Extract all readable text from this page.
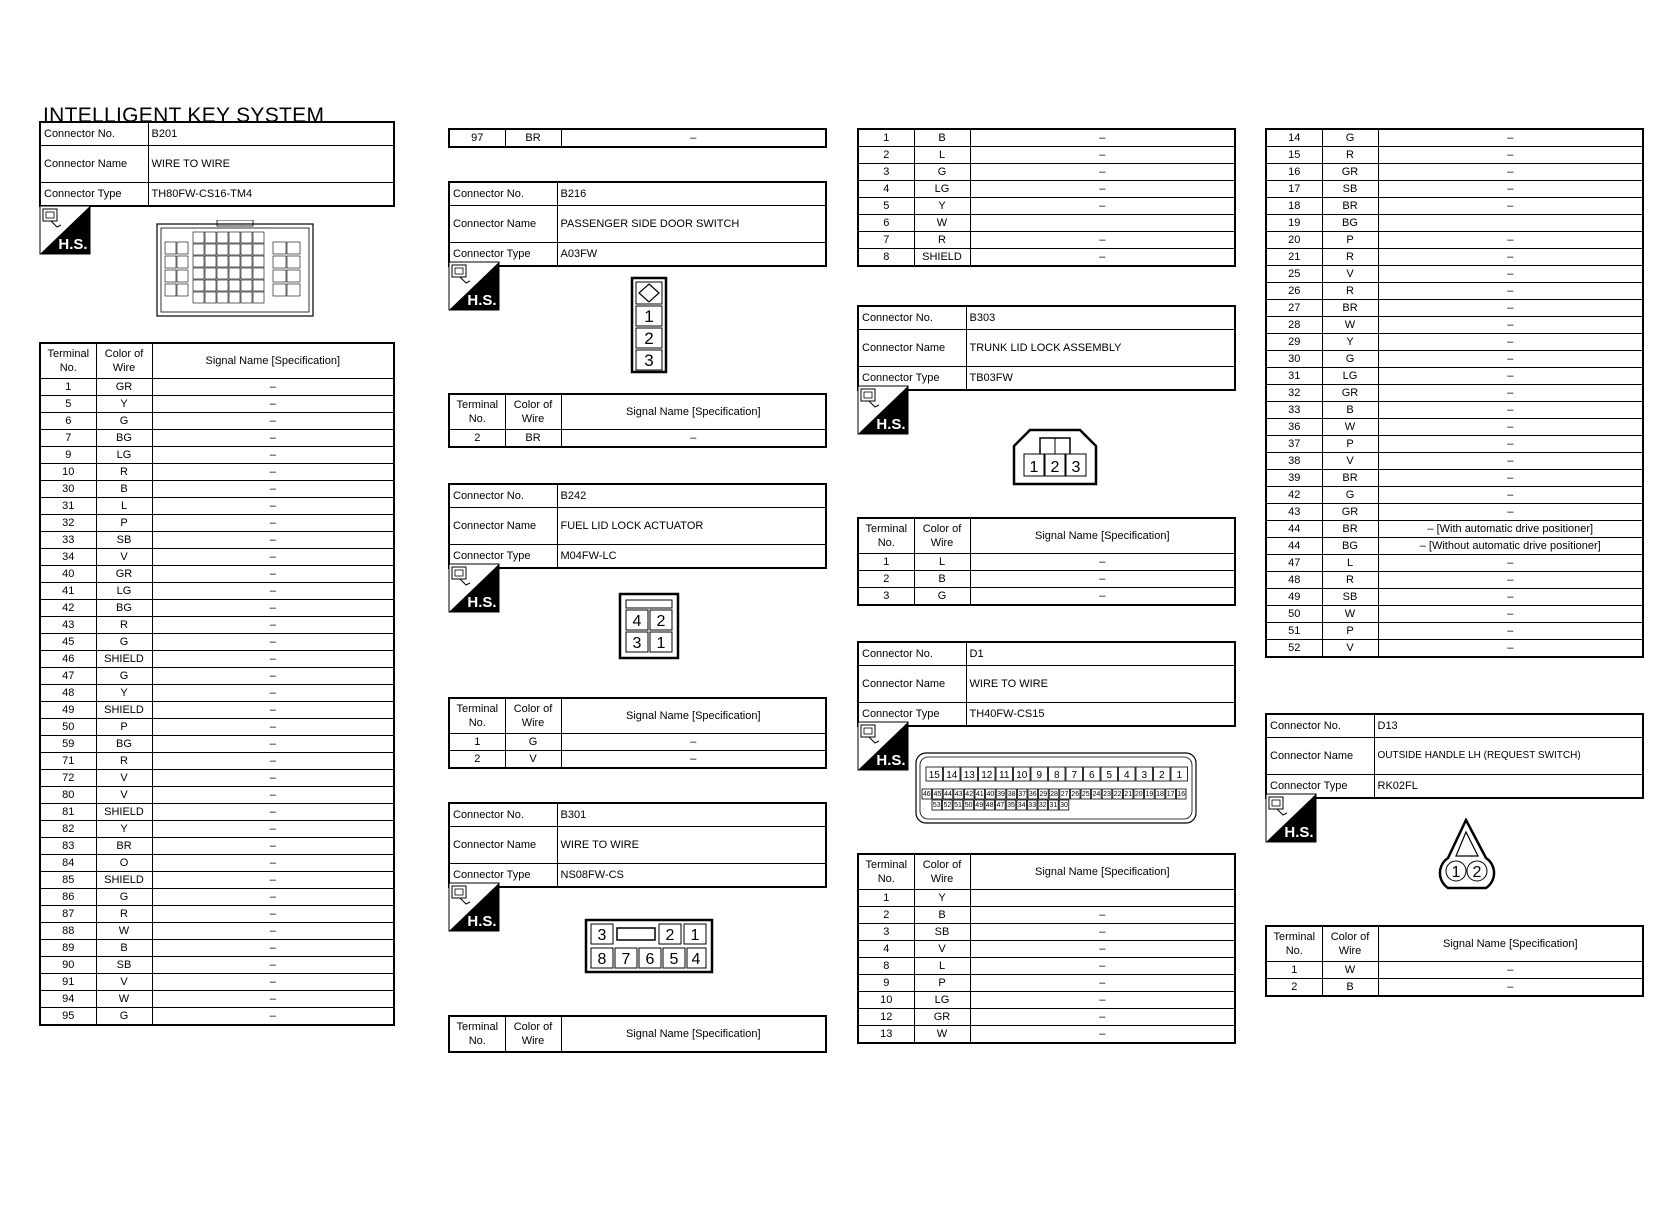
INTELLIGENT KEY SYSTEM
Connector No.	B201
Connector Name	WIRE TO WIRE
Connector Type	TH80FW-CS16-TM4
H.S.
Terminal No.	Color of Wire	Signal Name [Specification]
1	GR	–
5	Y	–
6	G	–
7	BG	–
9	LG	–
10	R	–
30	B	–
31	L	–
32	P	–
33	SB	–
34	V	–
40	GR	–
41	LG	–
42	BG	–
43	R	–
45	G	–
46	SHIELD	–
47	G	–
48	Y	–
49	SHIELD	–
50	P	–
59	BG	–
71	R	–
72	V	–
80	V	–
81	SHIELD	–
82	Y	–
83	BR	–
84	O	–
85	SHIELD	–
86	G	–
87	R	–
88	W	–
89	B	–
90	SB	–
91	V	–
94	W	–
95	G	–
97	BR	–
Connector No.	B216
Connector Name	PASSENGER SIDE DOOR SWITCH
Connector Type	A03FW
H.S.
1
2
3
Terminal No.	Color of Wire	Signal Name [Specification]
2	BR	–
Connector No.	B242
Connector Name	FUEL LID LOCK ACTUATOR
Connector Type	M04FW-LC
H.S.
4 2
3 1
Terminal No.	Color of Wire	Signal Name [Specification]
1	G	–
2	V	–
Connector No.	B301
Connector Name	WIRE TO WIRE
Connector Type	NS08FW-CS
H.S.
3	2 1
8 7 6 5 4
Terminal No.	Color of Wire	Signal Name [Specification]
1	B	–
2	L	–
3	G	–
4	LG	–
5	Y	–
6	W	
7	R	–
8	SHIELD	–
Connector No.	B303
Connector Name	TRUNK LID LOCK ASSEMBLY
Connector Type	TB03FW
H.S.
1 2 3
Terminal No.	Color of Wire	Signal Name [Specification]
1	L	–
2	B	–
3	G	–
Connector No.	D1
Connector Name	WIRE TO WIRE
Connector Type	TH40FW-CS15
H.S.
15 14 13 12 11 10 9 8 7 6 5 4 3 2 1
46 45 44 43 42 41 40 39 38 37 36 29 28 27 26 25 24 23 22 21 20 19 18 17 16
53 52 51 50 49 48 47 35 34 33 32 31 30
Terminal No.	Color of Wire	Signal Name [Specification]
1	Y	
2	B	–
3	SB	–
4	V	–
8	L	–
9	P	–
10	LG	–
12	GR	–
13	W	–
14	G	–
15	R	–
16	GR	–
17	SB	–
18	BR	–
19	BG	
20	P	–
21	R	–
25	V	–
26	R	–
27	BR	–
28	W	–
29	Y	–
30	G	–
31	LG	–
32	GR	–
33	B	–
36	W	–
37	P	–
38	V	–
39	BR	–
42	G	–
43	GR	–
44	BR	– [With automatic drive positioner]
44	BG	– [Without automatic drive positioner]
47	L	–
48	R	–
49	SB	–
50	W	–
51	P	–
52	V	–
Connector No.	D13
Connector Name	OUTSIDE HANDLE LH (REQUEST SWITCH)
Connector Type	RK02FL
H.S.
1 2
Terminal No.	Color of Wire	Signal Name [Specification]
1	W	–
2	B	–
